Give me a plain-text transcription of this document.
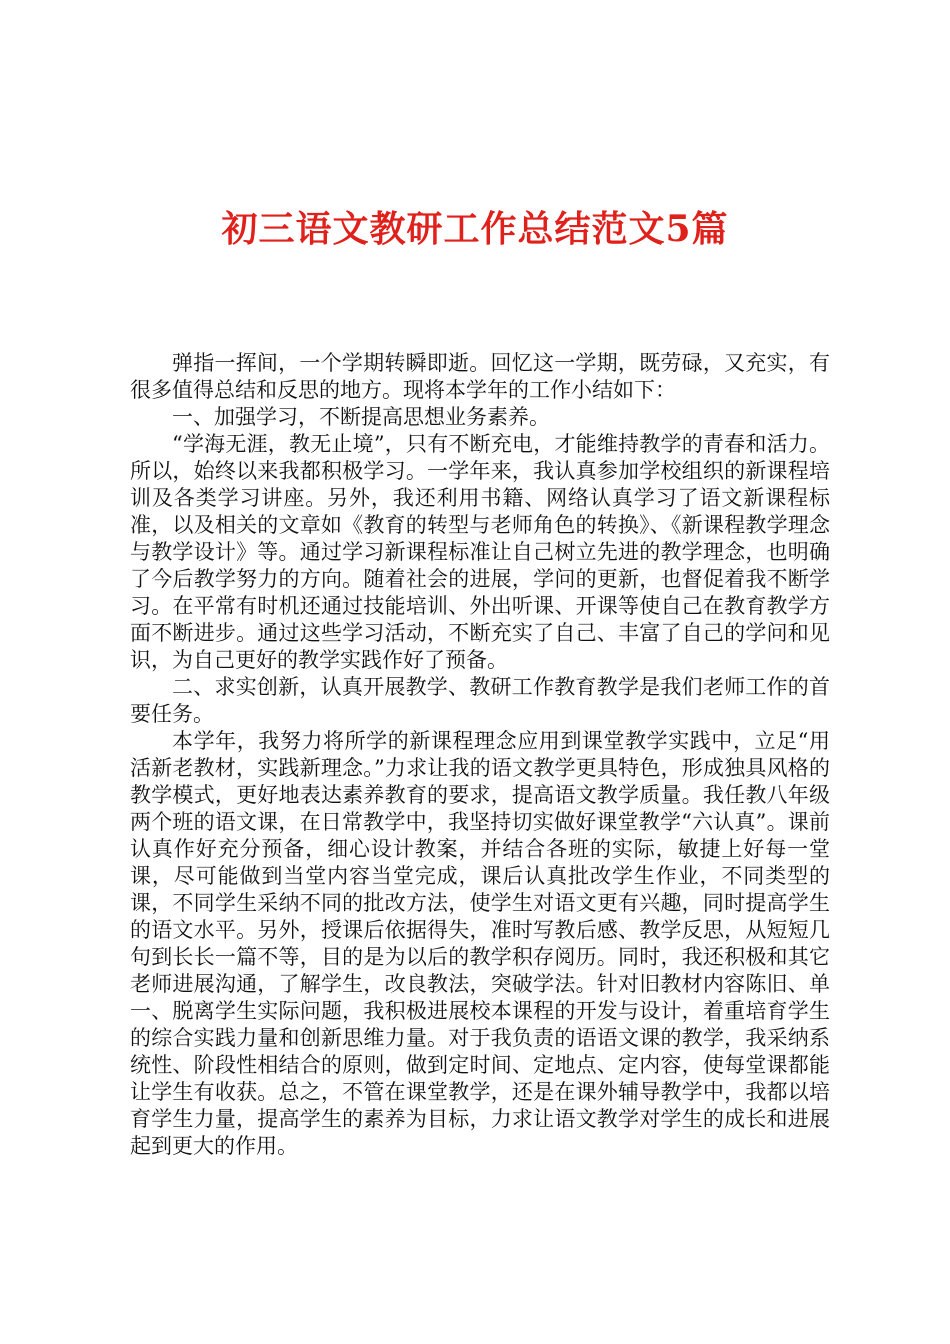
初三语文教研工作总结范文5篇

弹指一挥间，一个学期转瞬即逝。回忆这一学期，既劳碌，又充实，有很多值得总结和反思的地方。现将本学年的工作小结如下：

一、加强学习，不断提高思想业务素养。

“学海无涯，教无止境”，只有不断充电，才能维持教学的青春和活力。所以，始终以来我都积极学习。一学年来，我认真参加学校组织的新课程培训及各类学习讲座。另外，我还利用书籍、网络认真学习了语文新课程标准，以及相关的文章如《教育的转型与老师角色的转换》、《新课程教学理念与教学设计》等。通过学习新课程标准让自己树立先进的教学理念，也明确了今后教学努力的方向。随着社会的进展，学问的更新，也督促着我不断学习。在平常有时机还通过技能培训、外出听课、开课等使自己在教育教学方面不断进步。通过这些学习活动，不断充实了自己、丰富了自己的学问和见识，为自己更好的教学实践作好了预备。

二、求实创新，认真开展教学、教研工作教育教学是我们老师工作的首要任务。

本学年，我努力将所学的新课程理念应用到课堂教学实践中，立足“用活新老教材，实践新理念。”力求让我的语文教学更具特色，形成独具风格的教学模式，更好地表达素养教育的要求，提高语文教学质量。我任教八年级两个班的语文课，在日常教学中，我坚持切实做好课堂教学“六认真”。课前认真作好充分预备，细心设计教案，并结合各班的实际，敏捷上好每一堂课，尽可能做到当堂内容当堂完成，课后认真批改学生作业，不同类型的课，不同学生采纳不同的批改方法，使学生对语文更有兴趣，同时提高学生的语文水平。另外，授课后依据得失，准时写教后感、教学反思，从短短几句到长长一篇不等，目的是为以后的教学积存阅历。同时，我还积极和其它老师进展沟通，了解学生，改良教法，突破学法。针对旧教材内容陈旧、单一、脱离学生实际问题，我积极进展校本课程的开发与设计，着重培育学生的综合实践力量和创新思维力量。对于我负责的语语文课的教学，我采纳系统性、阶段性相结合的原则，做到定时间、定地点、定内容，使每堂课都能让学生有收获。总之，不管在课堂教学，还是在课外辅导教学中，我都以培育学生力量，提高学生的素养为目标，力求让语文教学对学生的成长和进展起到更大的作用。
